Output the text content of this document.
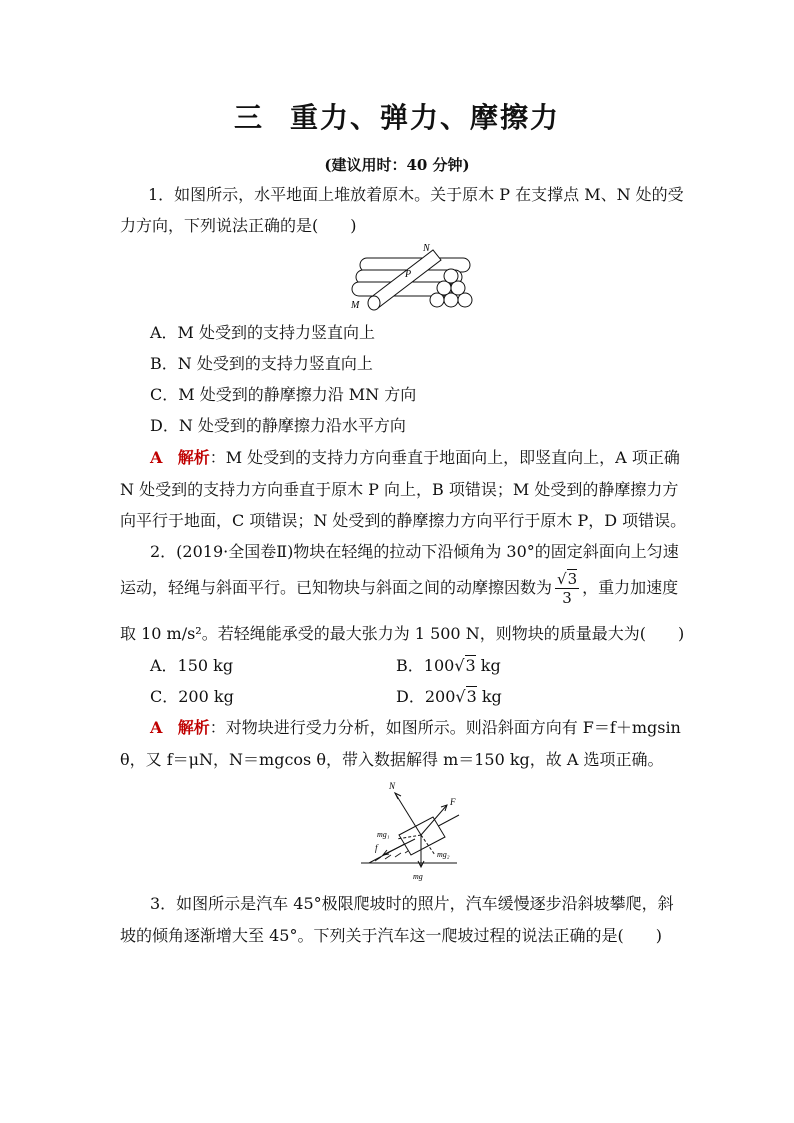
三 重力、弹力、摩擦力
(建议用时：40 分钟)
1．如图所示，水平地面上堆放着原木。关于原木 P 在支撑点 M、N 处的受
力方向，下列说法正确的是(　　)
N
P
M
A．M 处受到的支持力竖直向上
B．N 处受到的支持力竖直向上
C．M 处受到的静摩擦力沿 MN 方向
D．N 处受到的静摩擦力沿水平方向
A 解析：M 处受到的支持力方向垂直于地面向上，即竖直向上，A 项正确
N 处受到的支持力方向垂直于原木 P 向上，B 项错误；M 处受到的静摩擦力方
向平行于地面，C 项错误；N 处受到的静摩擦力方向平行于原木 P，D 项错误。
2．(2019·全国卷Ⅱ)物块在轻绳的拉动下沿倾角为 30°的固定斜面向上匀速
运动，轻绳与斜面平行。已知物块与斜面之间的动摩擦因数为 $\frac{√3}{3}$ ，重力加速度
取 10 m/s²。若轻绳能承受的最大张力为 1 500 N，则物块的质量最大为(　　)
A．150 kg	B．100√3 kg
C．200 kg	D．200√3 kg
A 解析：对物块进行受力分析，如图所示。则沿斜面方向有 F＝f＋mgsin
θ，又 f＝μN，N＝mgcos θ，带入数据解得 m＝150 kg，故 A 选项正确。
N
F
mg₁
f
mg₂
mg
3．如图所示是汽车 45°极限爬坡时的照片，汽车缓慢逐步沿斜坡攀爬，斜
坡的倾角逐渐增大至 45°。下列关于汽车这一爬坡过程的说法正确的是(　　)
